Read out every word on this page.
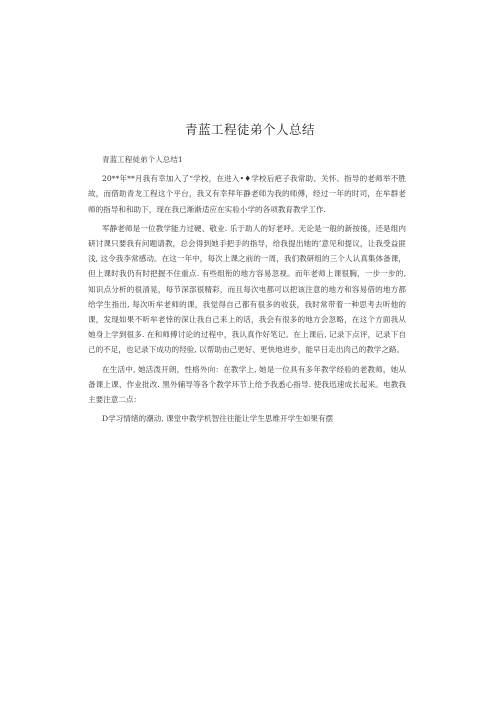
青蓝工程徒弟个人总结
青蓝工程徒弟个人总结1

20**年**月我有幸加入了“学校，在进入•♦学校后疤子我常助、关怀、指导的老师举不胜故，而借助青龙工程这个平台，我又有幸拜年静老师为我的师傅，经过一年的时司，在牟群老师的指导和和助下，现在我已渐渐适应在实验小学的各项教育教学工作.

军静老师是一位教学能力过硬、敬业. 乐于助人的好老呼。无论是一般的新按後，还是组内研讨课只要我有问题请教，总会得到她手把手的指导，给我提出她的’意见和提议，让我受益匪浅, 这令我李常感动。在这一年中，每次上课之前的一周，我们教研组的三个人认真集体备课，但上课时我仍有时把握不住重点. 有些组衔的地方容易忽视。而年老师上课很胸，一步一步的, 知识点分析的很清晃，每节深部很精彩，而且每次电都可以把该注意的地方和容易借的地方都给学生指出, 每次听牟老师的课，我觉得自己都有很多的收获，我时常带着一种思考去听他的课，发现如果不听牟老悻的深让我自己来上的话，我会有很多的地方会忽略，在这个方面我从她身上学到很多. 在和师傅讨论的过程中，我认真作好笔记。在上课后, 记录下点评，记录下自己的不足，也记录下成功的羟验, 以帮助由己更好、更快地进步，能早日走出肉己的教学之路。

在生活中, 她活泼开朗，性格外向：在教学上, 她是一位具有多年教学经验的老教师，她从备课上课、作业批改. 黑外辅导等各个教学环节上给予我悉心指导. 使我迅速成长起来。电教我主要注意二点：

D学习情绪的潮动, 课堂中教学机智往往能让学生思维开学生如果有摆
